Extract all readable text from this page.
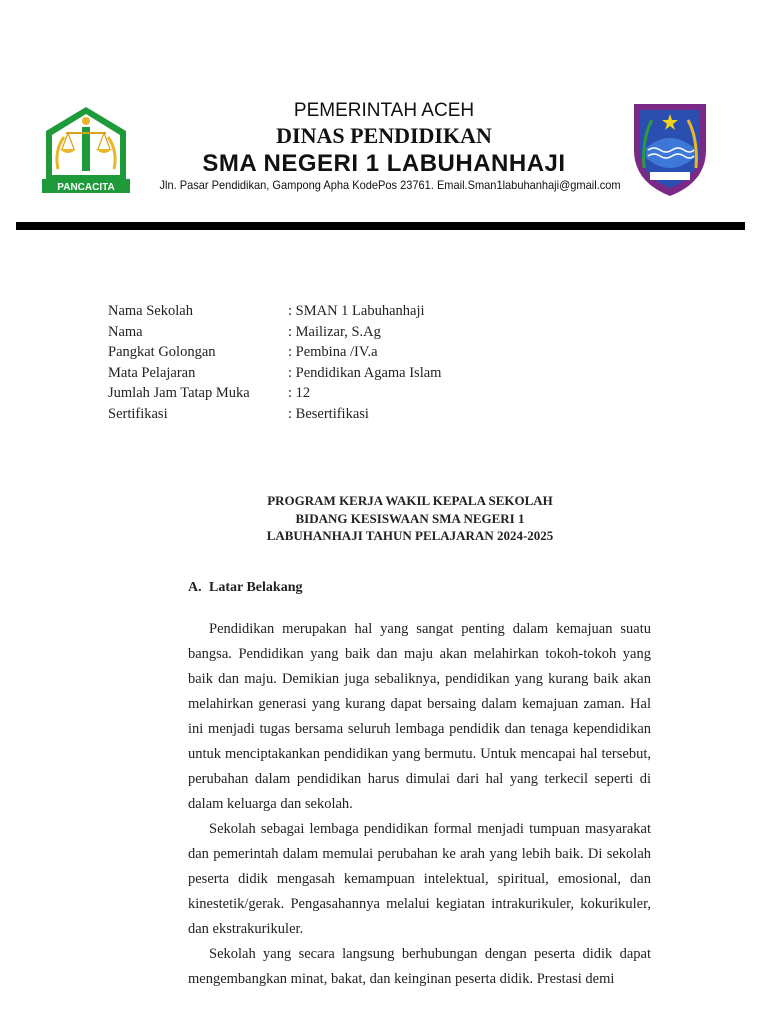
PANCACITA
PEMERINTAH ACEH
DINAS PENDIDIKAN
SMA NEGERI 1 LABUHANHAJI
Jln. Pasar Pendidikan, Gampong Apha KodePos 23761. Email.Sman1labuhanhaji@gmail.com
Nama Sekolah	: SMAN 1 Labuhanhaji
Nama	: Mailizar, S.Ag
Pangkat Golongan	: Pembina /IV.a
Mata Pelajaran	: Pendidikan Agama Islam
Jumlah Jam Tatap Muka	: 12
Sertifikasi	: Besertifikasi
PROGRAM KERJA WAKIL KEPALA SEKOLAH
BIDANG KESISWAAN SMA NEGERI 1
LABUHANHAJI TAHUN PELAJARAN 2024-2025
A. Latar Belakang

Pendidikan merupakan hal yang sangat penting dalam kemajuan suatu bangsa. Pendidikan yang baik dan maju akan melahirkan tokoh-tokoh yang baik dan maju. Demikian juga sebaliknya, pendidikan yang kurang baik akan melahirkan generasi yang kurang dapat bersaing dalam kemajuan zaman. Hal ini menjadi tugas bersama seluruh lembaga pendidik dan tenaga kependidikan untuk menciptakankan pendidikan yang bermutu. Untuk mencapai hal tersebut, perubahan dalam pendidikan harus dimulai dari hal yang terkecil seperti di dalam keluarga dan sekolah.

Sekolah sebagai lembaga pendidikan formal menjadi tumpuan masyarakat dan pemerintah dalam memulai perubahan ke arah yang lebih baik. Di sekolah peserta didik mengasah kemampuan intelektual, spiritual, emosional, dan kinestetik/gerak. Pengasahannya melalui kegiatan intrakurikuler, kokurikuler, dan ekstrakurikuler.

Sekolah yang secara langsung berhubungan dengan peserta didik dapat mengembangkan minat, bakat, dan keinginan peserta didik. Prestasi demi
